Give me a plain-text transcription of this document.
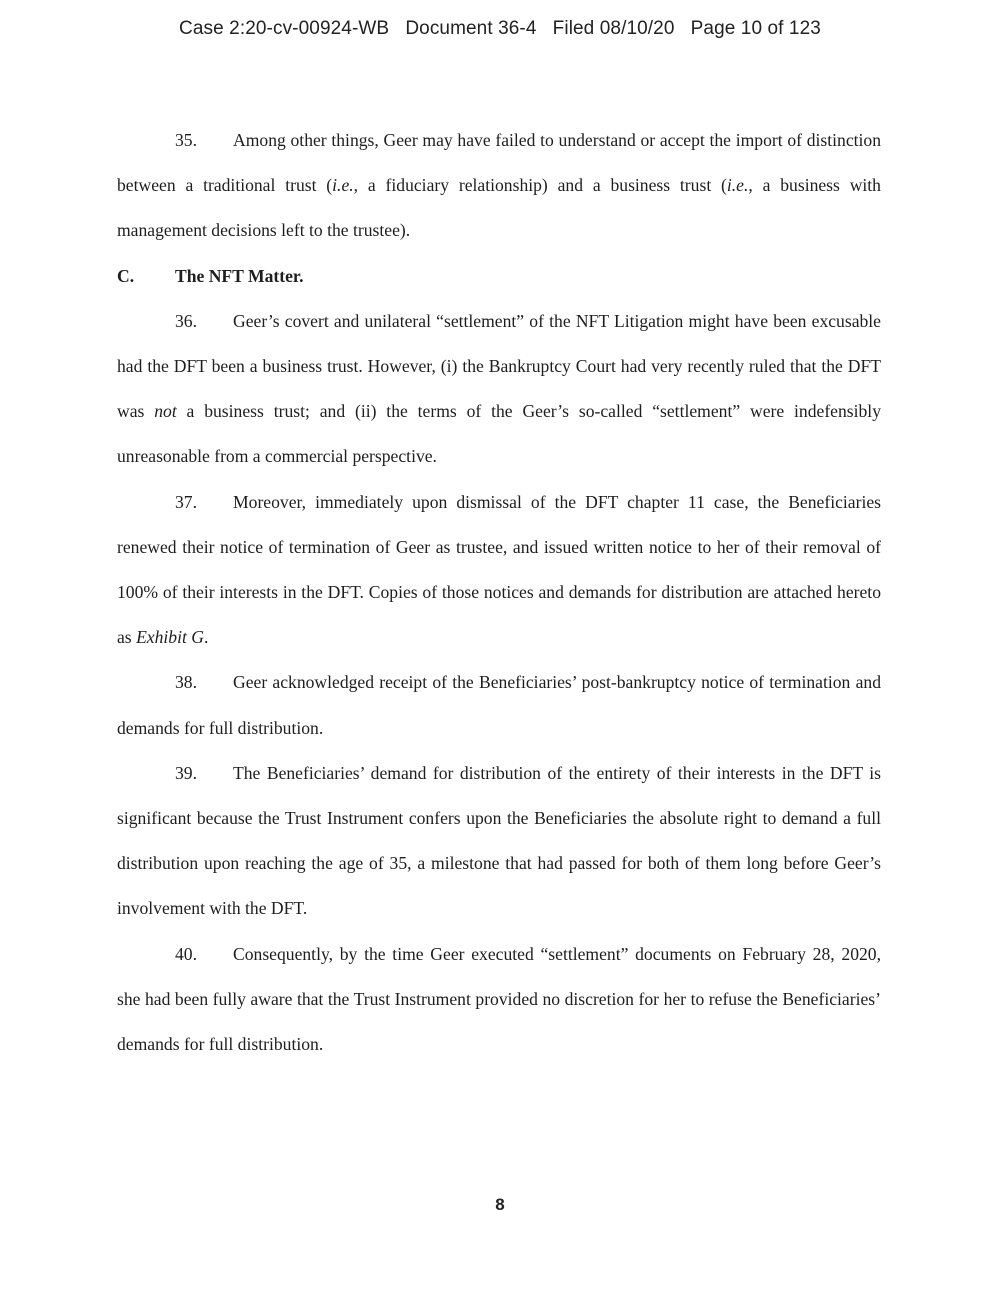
Case 2:20-cv-00924-WB Document 36-4 Filed 08/10/20 Page 10 of 123

35. Among other things, Geer may have failed to understand or accept the import of distinction between a traditional trust (i.e., a fiduciary relationship) and a business trust (i.e., a business with management decisions left to the trustee).

C. The NFT Matter.

36. Geer’s covert and unilateral “settlement” of the NFT Litigation might have been excusable had the DFT been a business trust. However, (i) the Bankruptcy Court had very recently ruled that the DFT was not a business trust; and (ii) the terms of the Geer’s so-called “settlement” were indefensibly unreasonable from a commercial perspective.

37. Moreover, immediately upon dismissal of the DFT chapter 11 case, the Beneficiaries renewed their notice of termination of Geer as trustee, and issued written notice to her of their removal of 100% of their interests in the DFT. Copies of those notices and demands for distribution are attached hereto as Exhibit G.

38. Geer acknowledged receipt of the Beneficiaries’ post-bankruptcy notice of termination and demands for full distribution.

39. The Beneficiaries’ demand for distribution of the entirety of their interests in the DFT is significant because the Trust Instrument confers upon the Beneficiaries the absolute right to demand a full distribution upon reaching the age of 35, a milestone that had passed for both of them long before Geer’s involvement with the DFT.

40. Consequently, by the time Geer executed “settlement” documents on February 28, 2020, she had been fully aware that the Trust Instrument provided no discretion for her to refuse the Beneficiaries’ demands for full distribution.

8
